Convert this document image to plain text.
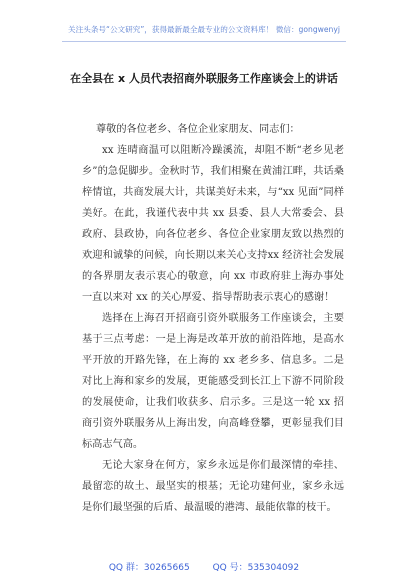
关注头条号“公文研究”，获得最新最全最专业的公文资料库！ 微信：gongwenyj
在全县在 x 人员代表招商外联服务工作座谈会上的讲话

尊敬的各位老乡、各位企业家朋友、同志们：

xx 连晴商温可以阻断冷躁溪流，却阻不断“老乡见老乡”的急促脚步。金秋时节，我们相聚在黄浦江畔，共话桑梓情谊，共商发展大计，共谋美好未来，与“xx 见面”同样美好。在此，我谨代表中共 xx 县委、县人大常委会、县政府、县政协，向各位老乡、各位企业家朋友致以热烈的欢迎和诚挚的问候，向长期以来关心支持xx 经济社会发展的各界朋友表示衷心的敬意，向 xx 市政府驻上海办事处一直以来对 xx 的关心厚爱、指导帮助表示衷心的感谢！

选择在上海召开招商引资外联服务工作座谈会，主要基于三点考虑：一是上海是改革开放的前沿阵地，是高水平开放的开路先锋，在上海的 xx 老乡多、信息多。二是对比上海和家乡的发展，更能感受到长江上下游不同阶段的发展使命，让我们收获多、启示多。三是这一轮 xx 招商引资外联服务从上海出发，向高峰登攀，更彰显我们目标高志气高。

无论大家身在何方，家乡永远是你们最深情的牵挂、最留恋的故土、最坚实的根基；无论功建何业，家乡永远是你们最坚强的后盾、最温暖的港湾、最能依靠的枝干。

QQ 群：30265665	QQ 号：535304092
